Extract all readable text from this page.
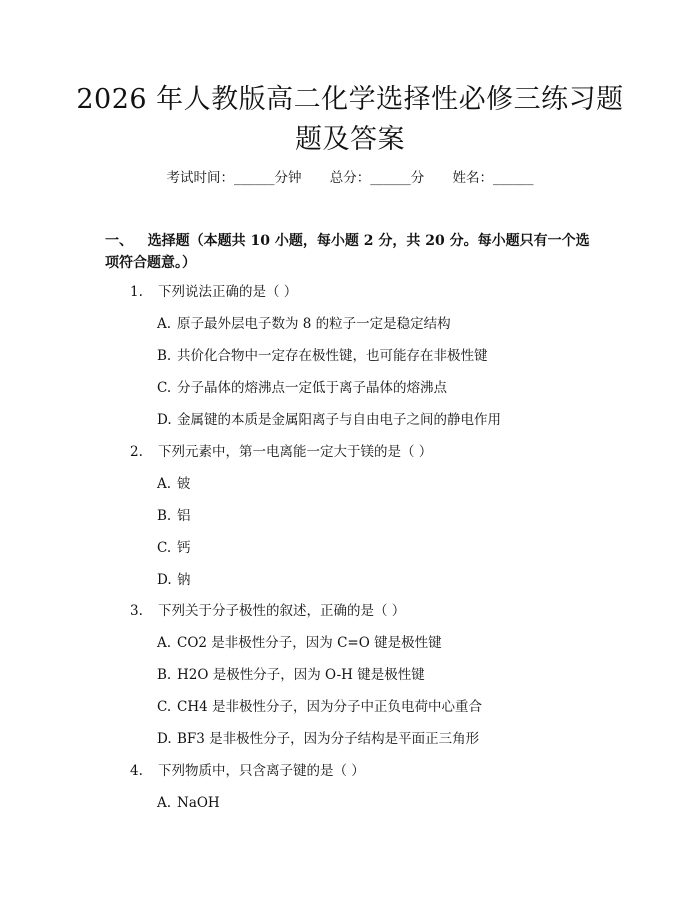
2026 年人教版高二化学选择性必修三练习题
题及答案
考试时间：______分钟 总分：______分 姓名：______
一、 选择题（本题共 10 小题，每小题 2 分，共 20 分。每小题只有一个选项符合题意。）
1. 下列说法正确的是（ ）
A. 原子最外层电子数为 8 的粒子一定是稳定结构
B. 共价化合物中一定存在极性键，也可能存在非极性键
C. 分子晶体的熔沸点一定低于离子晶体的熔沸点
D. 金属键的本质是金属阳离子与自由电子之间的静电作用
2. 下列元素中，第一电离能一定大于镁的是（ ）
A. 铍
B. 铝
C. 钙
D. 钠
3. 下列关于分子极性的叙述，正确的是（ ）
A. CO2 是非极性分子，因为 C=O 键是极性键
B. H2O 是极性分子，因为 O-H 键是极性键
C. CH4 是非极性分子，因为分子中正负电荷中心重合
D. BF3 是非极性分子，因为分子结构是平面正三角形
4. 下列物质中，只含离子键的是（ ）
A. NaOH
